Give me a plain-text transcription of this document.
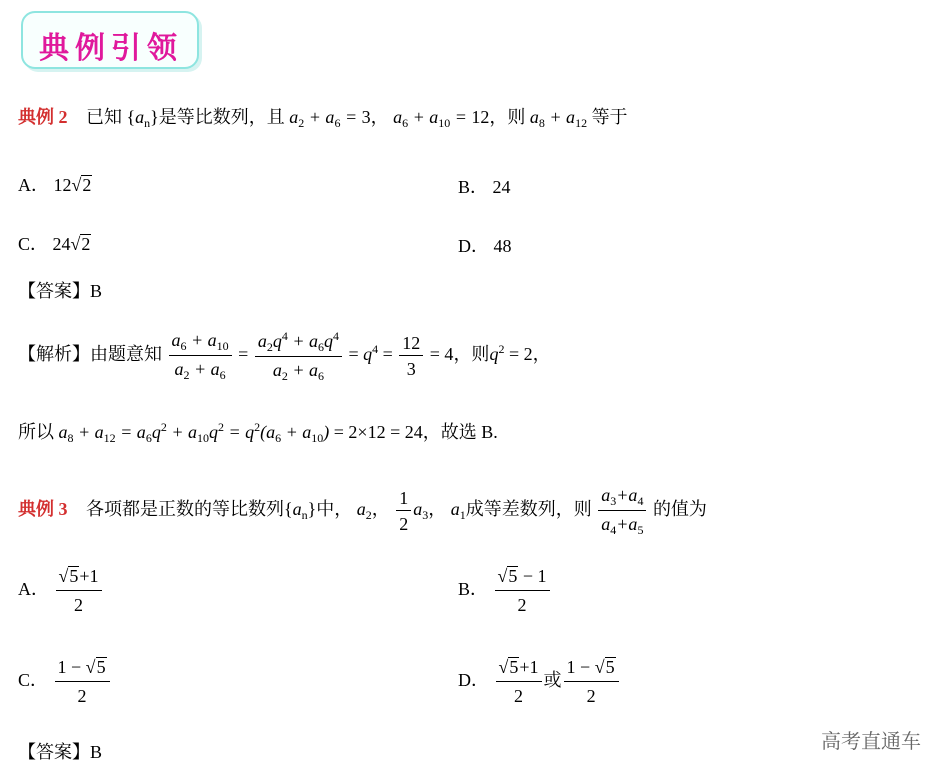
典例引领
典例 2 已知 $\{a_n\}$是等比数列，且 $a_2 + a_6 = 3$， $a_6 + a_{10} = 12$，则 $a_8 + a_{12}$ 等于
A． 12√2	B． 24
C． 24√2	D． 48
【答案】B
【解析】由题意知 $\frac{a_6 + a_{10}}{a_2 + a_6} = \frac{a_2q^4 + a_6q^4}{a_2 + a_6} = q^4 = \frac{12}{3} = 4$，则$q^2 = 2$，
所以 $a_8 + a_{12} = a_6q^2 + a_{10}q^2 = q^2(a_6 + a_{10}) = 2\times 12 = 24$，故选 B.
典例 3 各项都是正数的等比数列$\{a_n\}$中， $a_2$， $\frac{1}{2} a_3$， $a_1$成等差数列，则 $\frac{a_3+a_4}{a_4+a_5}$ 的值为
A． $\frac{√5+1}{2}$	B． $\frac{√5 - 1}{2}$
C． $\frac{1 - √5}{2}$	D． $\frac{√5+1}{2}$ 或 $\frac{1 - √5}{2}$
【答案】B	高考直通车
